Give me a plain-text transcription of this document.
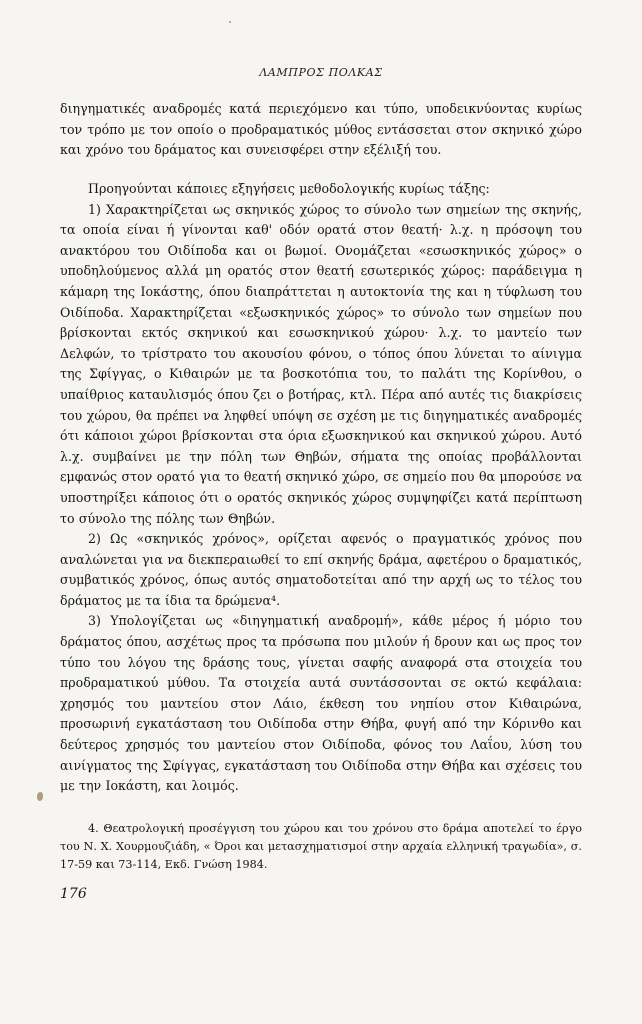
ΛΑΜΠΡΟΣ ΠΟΛΚΑΣ

διηγηματικές αναδρομές κατά περιεχόμενο και τύπο, υποδεικνύοντας κυρίως τον τρόπο με τον οποίο ο προδραματικός μύθος εντάσσεται στον σκηνικό χώρο και χρόνο του δράματος και συνεισφέρει στην εξέλιξή του.

Προηγούνται κάποιες εξηγήσεις μεθοδολογικής κυρίως τάξης:

1) Χαρακτηρίζεται ως σκηνικός χώρος το σύνολο των σημείων της σκηνής, τα οποία είναι ή γίνονται καθ' οδόν ορατά στον θεατή· λ.χ. η πρόσοψη του ανακτόρου του Οιδίποδα και οι βωμοί. Ονομάζεται «εσωσκηνικός χώρος» ο υποδηλούμενος αλλά μη ορατός στον θεατή εσωτερικός χώρος: παράδειγμα η κάμαρη της Ιοκάστης, όπου διαπράττεται η αυτοκτονία της και η τύφλωση του Οιδίποδα. Χαρακτηρίζεται «εξωσκηνικός χώρος» το σύνολο των σημείων που βρίσκονται εκτός σκηνικού και εσωσκηνικού χώρου· λ.χ. το μαντείο των Δελφών, το τρίστρατο του ακουσίου φόνου, ο τόπος όπου λύνεται το αίνιγμα της Σφίγγας, ο Κιθαιρών με τα βοσκοτόπια του, το παλάτι της Κορίνθου, ο υπαίθριος καταυλισμός όπου ζει ο βοτήρας, κτλ. Πέρα από αυτές τις διακρίσεις του χώρου, θα πρέπει να ληφθεί υπόψη σε σχέση με τις διηγηματικές αναδρομές ότι κάποιοι χώροι βρίσκονται στα όρια εξωσκηνικού και σκηνικού χώρου. Αυτό λ.χ. συμβαίνει με την πόλη των Θηβών, σήματα της οποίας προβάλλονται εμφανώς στον ορατό για το θεατή σκηνικό χώρο, σε σημείο που θα μπορούσε να υποστηρίξει κάποιος ότι ο ορατός σκηνικός χώρος συμψηφίζει κατά περίπτωση το σύνολο της πόλης των Θηβών.

2) Ως «σκηνικός χρόνος», ορίζεται αφενός ο πραγματικός χρόνος που αναλώνεται για να διεκπεραιωθεί το επί σκηνής δράμα, αφετέρου ο δραματικός, συμβατικός χρόνος, όπως αυτός σηματοδοτείται από την αρχή ως το τέλος του δράματος με τα ίδια τα δρώμενα⁴.

3) Υπολογίζεται ως «διηγηματική αναδρομή», κάθε μέρος ή μόριο του δράματος όπου, ασχέτως προς τα πρόσωπα που μιλούν ή δρουν και ως προς τον τύπο του λόγου της δράσης τους, γίνεται σαφής αναφορά στα στοιχεία του προδραματικού μύθου. Τα στοιχεία αυτά συντάσσονται σε οκτώ κεφάλαια: χρησμός του μαντείου στον Λάιο, έκθεση του νηπίου στον Κιθαιρώνα, προσωρινή εγκατάσταση του Οιδίποδα στην Θήβα, φυγή από την Κόρινθο και δεύτερος χρησμός του μαντείου στον Οιδίποδα, φόνος του Λαΐου, λύση του αινίγματος της Σφίγγας, εγκατάσταση του Οιδίποδα στην Θήβα και σχέσεις του με την Ιοκάστη, και λοιμός.

4. Θεατρολογική προσέγγιση του χώρου και του χρόνου στο δράμα αποτελεί το έργο του Ν. Χ. Χουρμουζιάδη, « Όροι και μετασχηματισμοί στην αρχαία ελληνική τραγωδία», σ. 17-59 και 73-114, Εκδ. Γνώση 1984.

176
